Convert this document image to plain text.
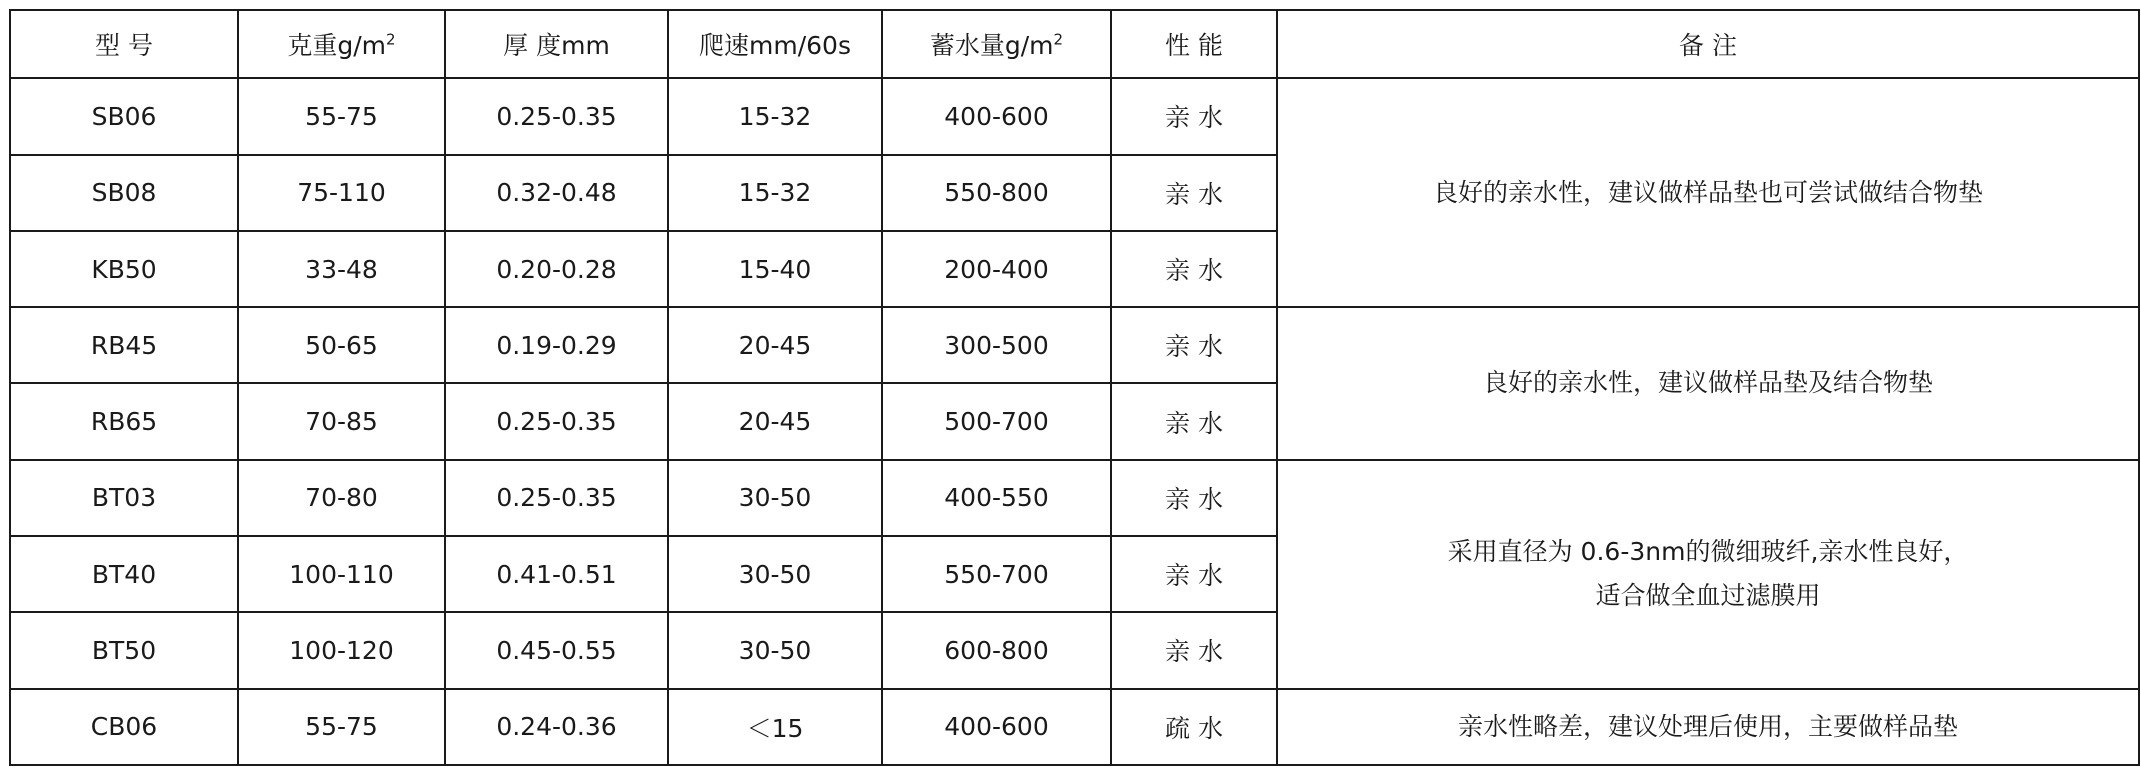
型 号	克重$g/m^2$	厚 度mm	爬速mm/60s	蓄水量$g/m^2$	性 能	备 注
SB06	55-75	0.25-0.35	15-32	400-600	亲 水	良好的亲水性，建议做样品垫也可尝试做结合物垫
SB08	75-110	0.32-0.48	15-32	550-800	亲 水	
KB50	33-48	0.20-0.28	15-40	200-400	亲 水	
RB45	50-65	0.19-0.29	20-45	300-500	亲 水	良好的亲水性，建议做样品垫及结合物垫
RB65	70-85	0.25-0.35	20-45	500-700	亲 水	
BT03	70-80	0.25-0.35	30-50	400-550	亲 水	采用直径为 0.6-3nm的微细玻纤,亲水性良好，
适合做全血过滤膜用

BT40	100-110	0.41-0.51	30-50	550-700	亲 水	
BT50	100-120	0.45-0.55	30-50	600-800	亲 水	
CB06	55-75	0.24-0.36	＜15	400-600	疏 水	亲水性略差，建议处理后使用，主要做样品垫
